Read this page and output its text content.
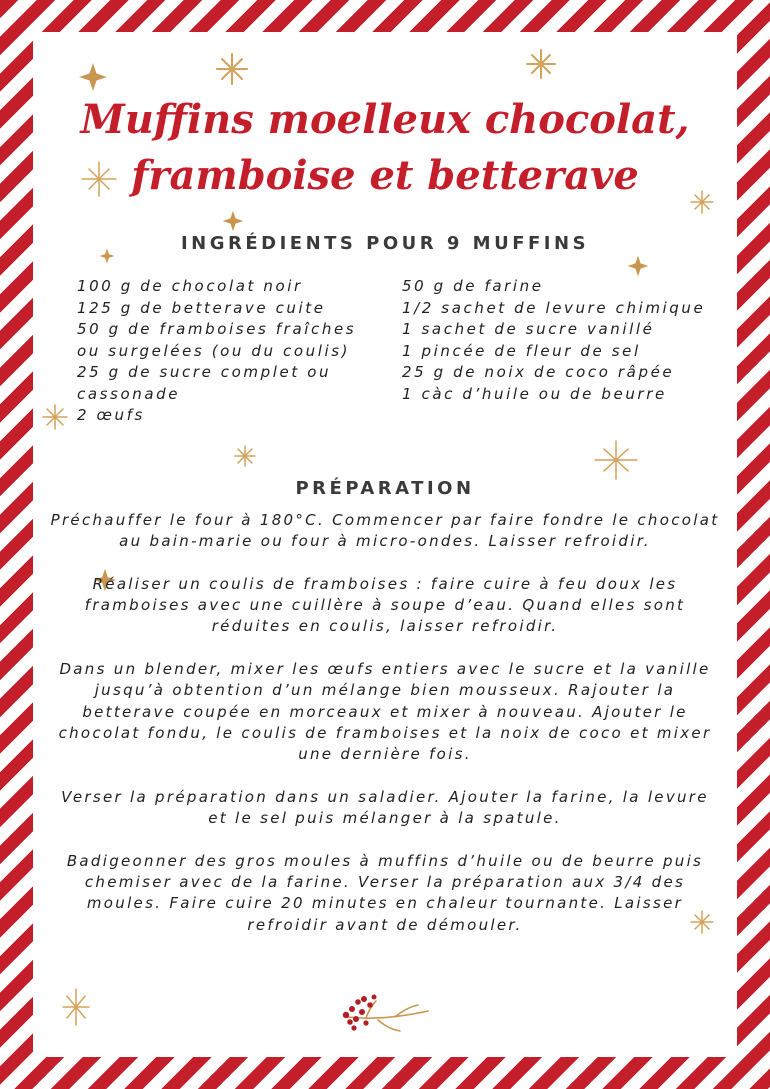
Muffins moelleux chocolat,
framboise et betterave
INGRÉDIENTS POUR 9 MUFFINS
100 g de chocolat noir
125 g de betterave cuite
50 g de framboises fraîches ou surgelées (ou du coulis)
25 g de sucre complet ou cassonade
2 œufs
50 g de farine
1/2 sachet de levure chimique
1 sachet de sucre vanillé
1 pincée de fleur de sel
25 g de noix de coco râpée
1 càc d’huile ou de beurre
PRÉPARATION

Préchauffer le four à 180°C. Commencer par faire fondre le chocolat au bain-marie ou four à micro-ondes. Laisser refroidir.

Réaliser un coulis de framboises : faire cuire à feu doux les framboises avec une cuillère à soupe d’eau. Quand elles sont réduites en coulis, laisser refroidir.

Dans un blender, mixer les œufs entiers avec le sucre et la vanille jusqu’à obtention d’un mélange bien mousseux. Rajouter la betterave coupée en morceaux et mixer à nouveau. Ajouter le chocolat fondu, le coulis de framboises et la noix de coco et mixer une dernière fois.

Verser la préparation dans un saladier. Ajouter la farine, la levure et le sel puis mélanger à la spatule.

Badigeonner des gros moules à muffins d’huile ou de beurre puis chemiser avec de la farine. Verser la préparation aux 3/4 des moules. Faire cuire 20 minutes en chaleur tournante. Laisser refroidir avant de démouler.
